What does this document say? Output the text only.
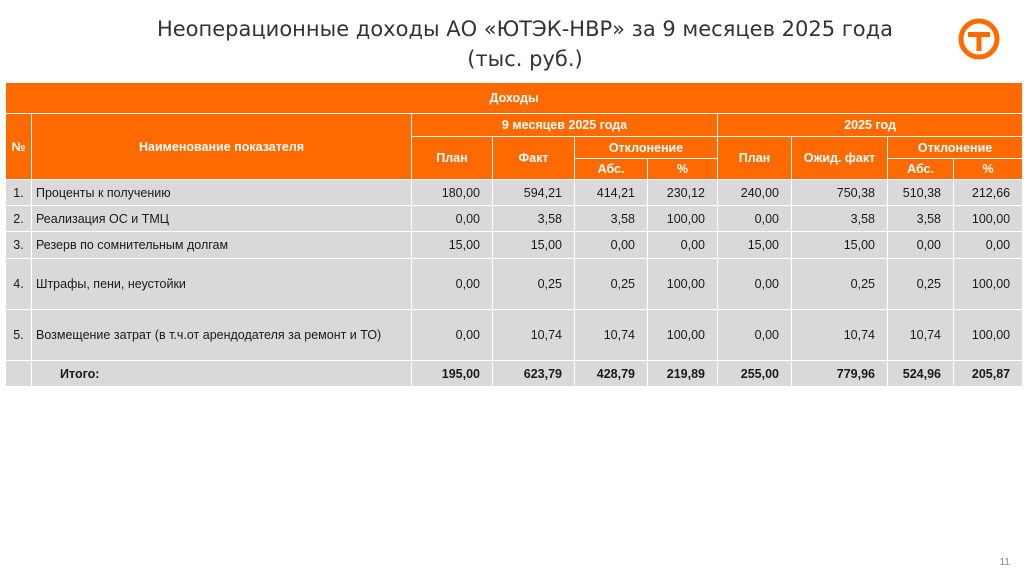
Неоперационные доходы АО «ЮТЭК-НВР» за 9 месяцев 2025 года
(тыс. руб.)
Доходы									
№	Наименование показателя	9 месяцев 2025 года				2025 год			
		План	Факт	Отклонение		План	Ожид. факт	Отклонение	
				Абс.	%			Абс.	%
1.	Проценты к получению	180,00	594,21	414,21	230,12	240,00	750,38	510,38	212,66
2.	Реализация ОС и ТМЦ	0,00	3,58	3,58	100,00	0,00	3,58	3,58	100,00
3.	Резерв по сомнительным долгам	15,00	15,00	0,00	0,00	15,00	15,00	0,00	0,00
4.	Штрафы, пени, неустойки	0,00	0,25	0,25	100,00	0,00	0,25	0,25	100,00
5.	Возмещение затрат (в т.ч.от арендодателя за ремонт и ТО)	0,00	10,74	10,74	100,00	0,00	10,74	10,74	100,00
	Итого:	195,00	623,79	428,79	219,89	255,00	779,96	524,96	205,87
11
